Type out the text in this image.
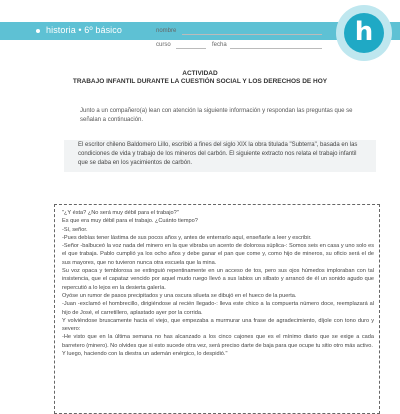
historia • 6º básico	nombre
curso	fecha	h
ACTIVIDAD
TRABAJO INFANTIL DURANTE LA CUESTIÓN SOCIAL Y LOS DERECHOS DE HOY
Junto a un compañero(a) lean con atención la siguiente información y respondan las preguntas que se señalan a continuación.
El escritor chileno Baldomero Lillo, escribió a fines del siglo XIX la obra titulada "Subterra", basada en las condiciones de vida y trabajo de los mineros del carbón. El siguiente extracto nos relata el trabajo infantil que se daba en los yacimientos de carbón.

"¿Y ésta? ¿No será muy débil para el trabajo?"

Es que era muy débil para el trabajo. ¿Cuánto tiempo?

-Sí, señor.

-Pues debías tener lástima de sus pocos años y, antes de enterrarlo aquí, enseñarle a leer y escribir.

-Señor -balbuceó la voz nada del minero en la que vibraba un acento de dolorosa súplica-: Somos seis en casa y uno solo es el que trabaja. Pablo cumplió ya los ocho años y debe ganar el pan que come y, como hijo de mineros, su oficio será el de sus mayores, que no tuvieron nunca otra escuela que la mina.

Su voz opaca y temblorosa se extinguió repentinamente en un acceso de tos, pero sus ojos húmedos imploraban con tal insistencia, que el capataz vencido por aquel mudo ruego llevó a sus labios un silbato y arrancó de él un sonido agudo que repercutió a lo lejos en la desierta galería.

Oyóse un rumor de pasos precipitados y una oscura silueta se dibujó en el hueco de la puerta.

-Juan -exclamó el hombrecillo, dirigiéndose al recién llegado-: lleva este chico a la compuerta número doce, reemplazará al hijo de José, el carretillero, aplastado ayer por la corrida.

Y volviéndose bruscamente hacia el viejo, que empezaba a murmurar una frase de agradecimiento, díjole con tono duro y severo:

-He visto que en la última semana no has alcanzado a los cinco cajones que es el mínimo diario que se exige a cada barretero (minero). No olvides que si esto sucede otra vez, será preciso darte de baja para que ocupe tu sitio otro más activo.

Y luego, haciendo con la diestra un ademán enérgico, lo despidió."
